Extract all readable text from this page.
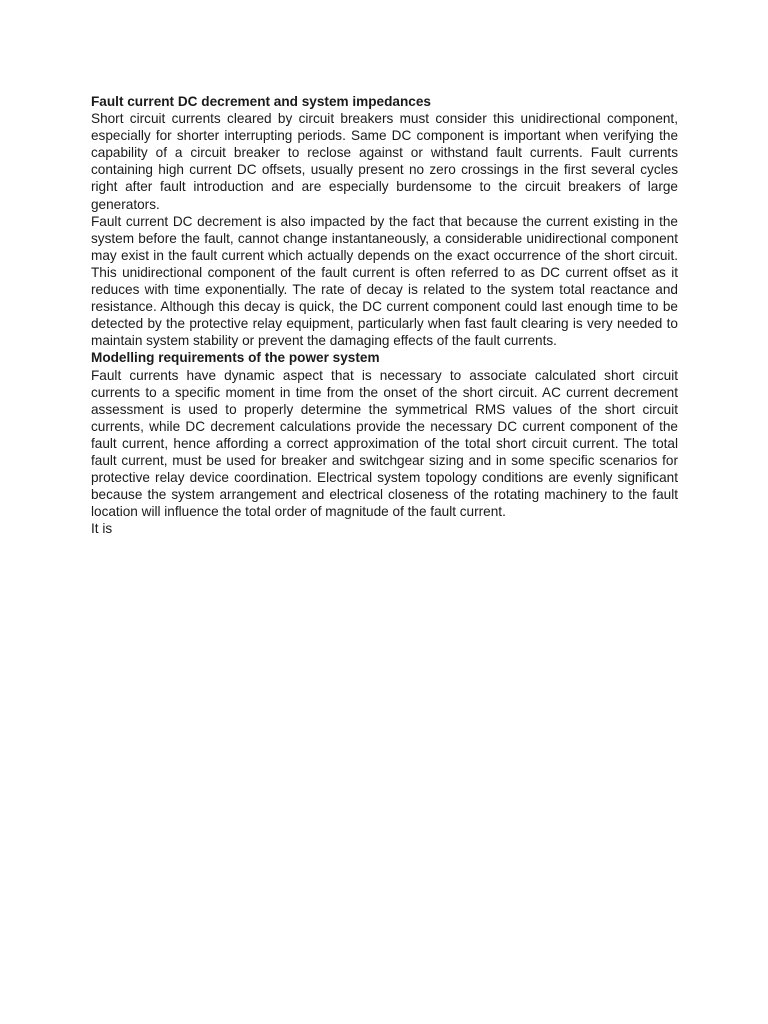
Fault current DC decrement and system impedances

Short circuit currents cleared by circuit breakers must consider this unidirectional component, especially for shorter interrupting periods. Same DC component is important when verifying the capability of a circuit breaker to reclose against or withstand fault currents. Fault currents containing high current DC offsets, usually present no zero crossings in the first several cycles right after fault introduction and are especially burdensome to the circuit breakers of large generators.

Fault current DC decrement is also impacted by the fact that because the current existing in the system before the fault, cannot change instantaneously, a considerable unidirectional component may exist in the fault current which actually depends on the exact occurrence of the short circuit. This unidirectional component of the fault current is often referred to as DC current offset as it reduces with time exponentially. The rate of decay is related to the system total reactance and resistance. Although this decay is quick, the DC current component could last enough time to be detected by the protective relay equipment, particularly when fast fault clearing is very needed to maintain system stability or prevent the damaging effects of the fault currents.

Modelling requirements of the power system

Fault currents have dynamic aspect that is necessary to associate calculated short circuit currents to a specific moment in time from the onset of the short circuit. AC current decrement assessment is used to properly determine the symmetrical RMS values of the short circuit currents, while DC decrement calculations provide the necessary DC current component of the fault current, hence affording a correct approximation of the total short circuit current. The total fault current, must be used for breaker and switchgear sizing and in some specific scenarios for protective relay device coordination. Electrical system topology conditions are evenly significant because the system arrangement and electrical closeness of the rotating machinery to the fault location will influence the total order of magnitude of the fault current.

It is
